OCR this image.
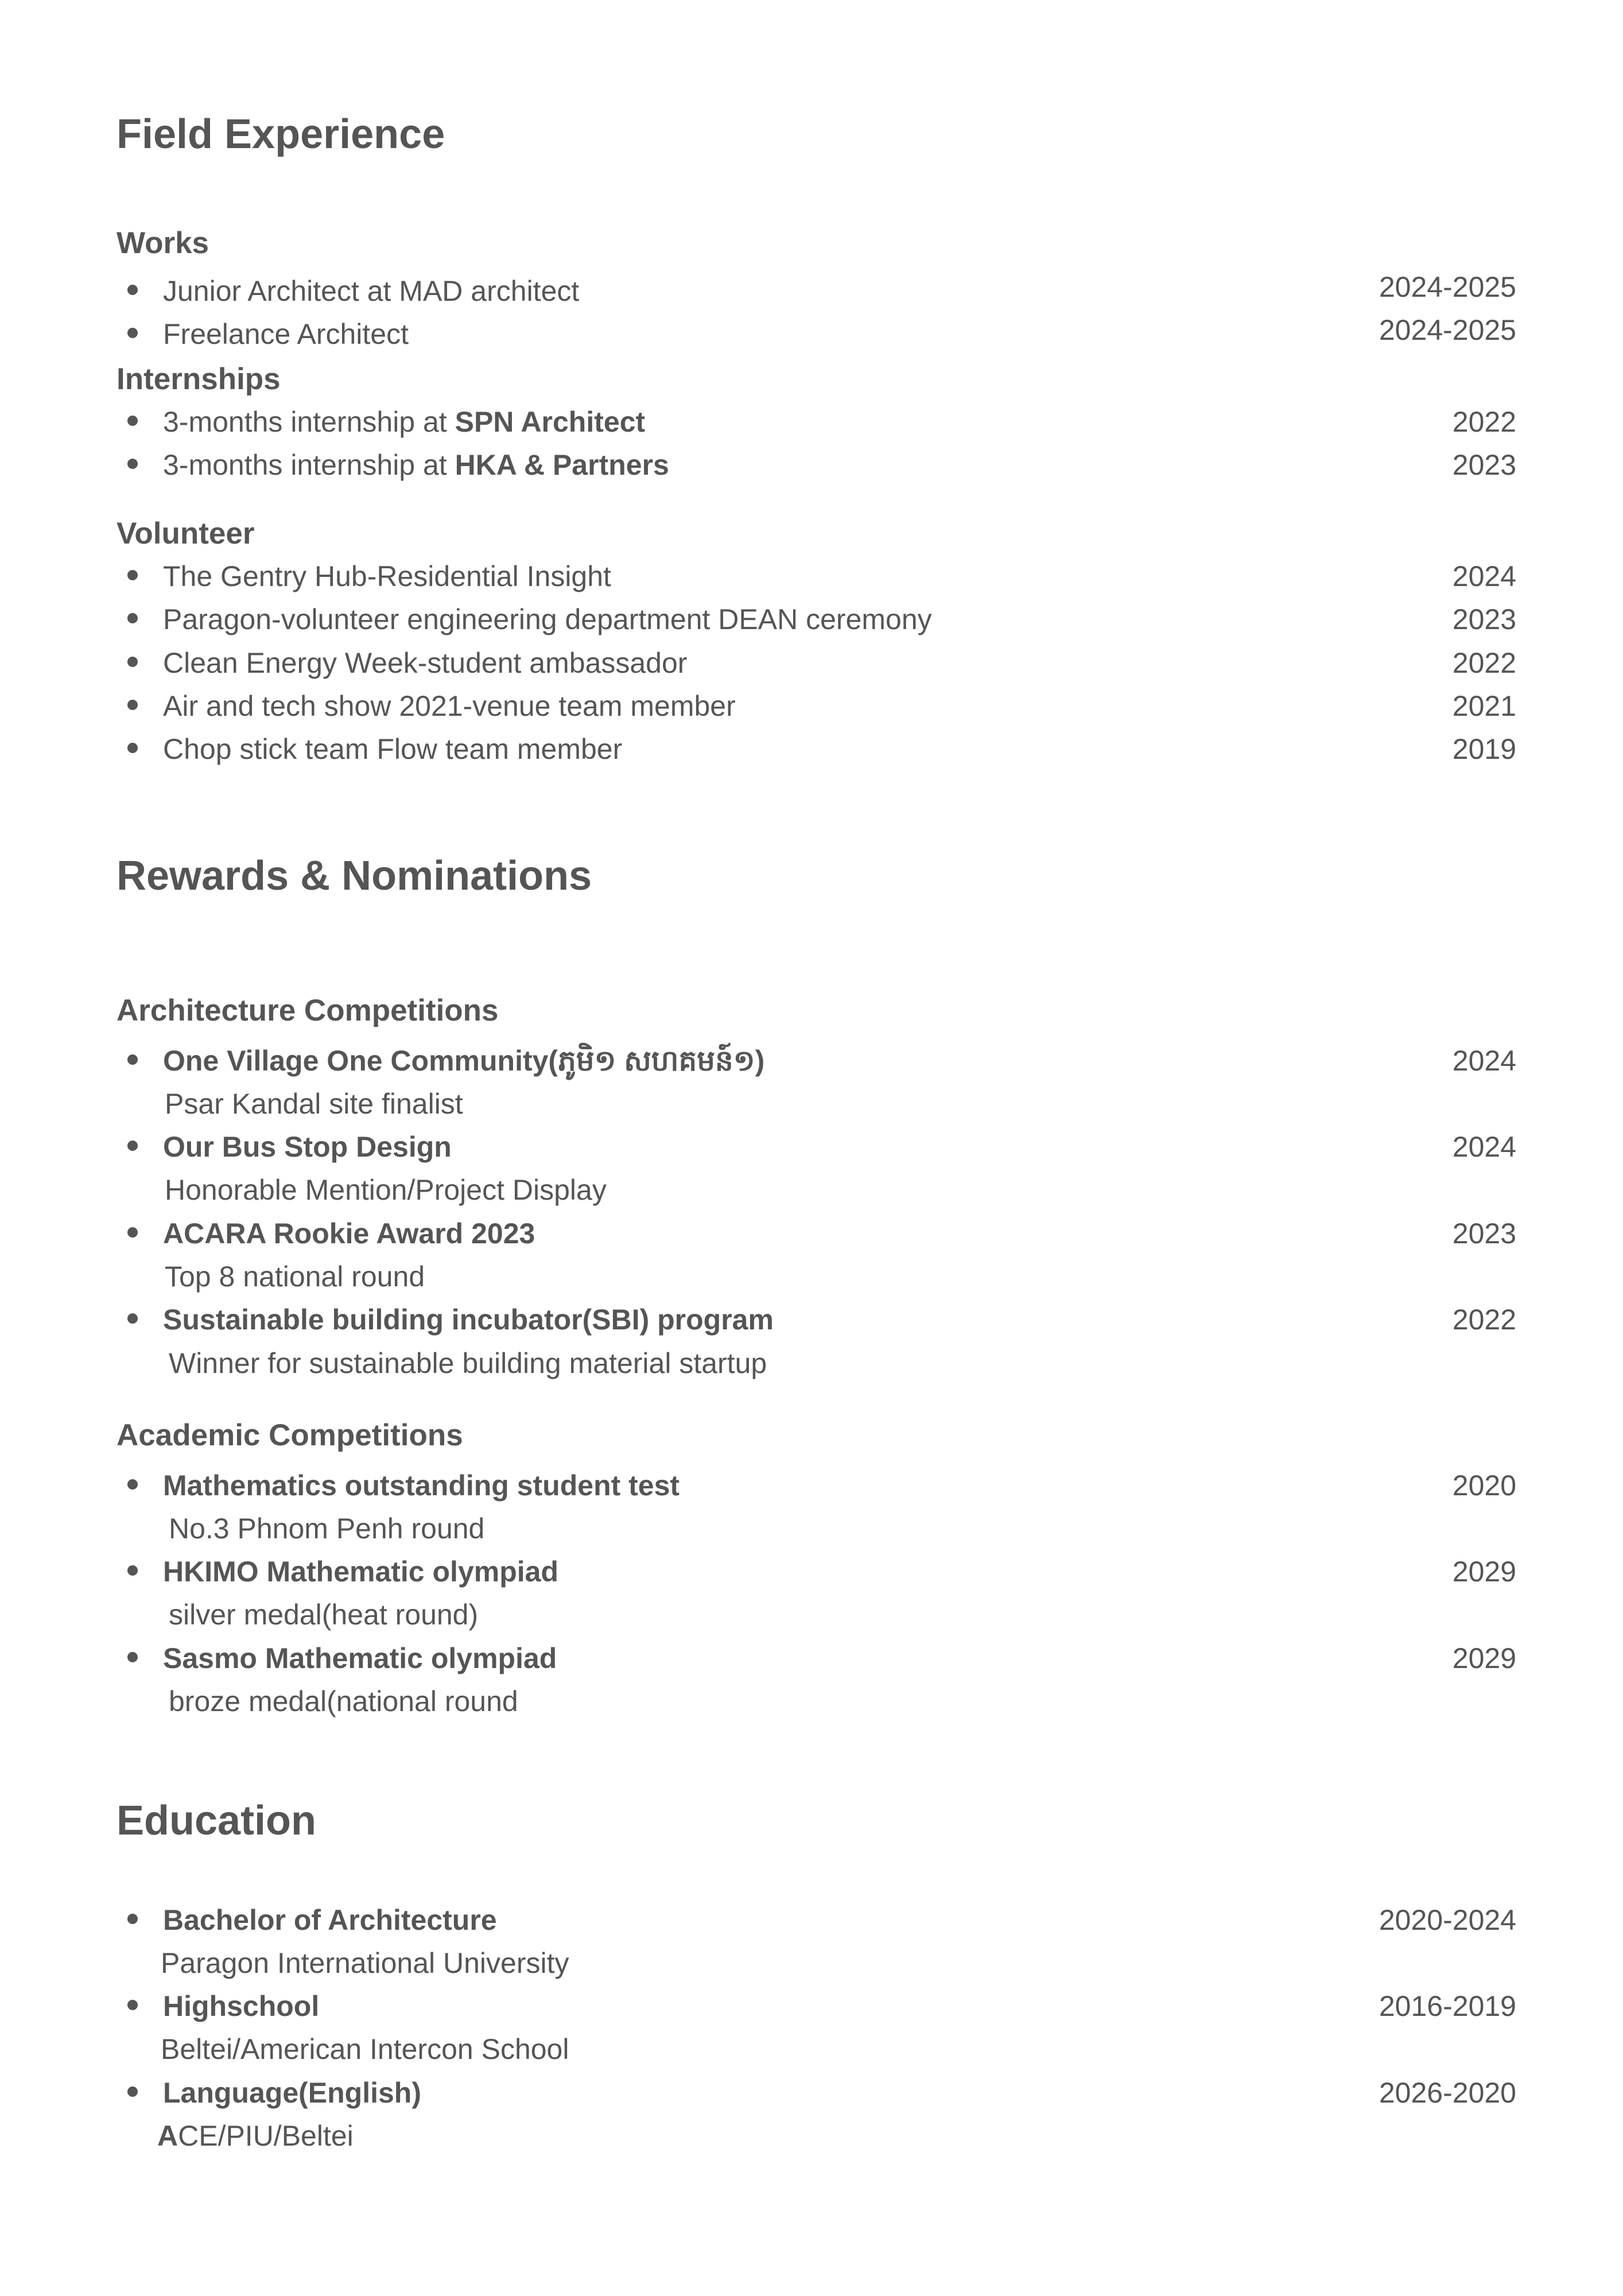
Field Experience
Works
Junior Architect at MAD architect	2024-2025
Freelance Architect	2024-2025
Internships
3-months internship at SPN Architect	2022
3-months internship at HKA & Partners	2023
Volunteer
The Gentry Hub-Residential Insight	2024
Paragon-volunteer engineering department DEAN ceremony	2023
Clean Energy Week-student ambassador	2022
Air and tech show 2021-venue team member	2021
Chop stick team Flow team member	2019
Rewards & Nominations
Architecture Competitions
One Village One Community(ភូមិ១ សហគមន៍១)	2024
Psar Kandal site finalist
Our Bus Stop Design	2024
Honorable Mention/Project Display
ACARA Rookie Award 2023	2023
Top 8 national round
Sustainable building incubator(SBI) program	2022
Winner for sustainable building material startup
Academic Competitions
Mathematics outstanding student test	2020
No.3 Phnom Penh round
HKIMO Mathematic olympiad	2029
silver medal(heat round)
Sasmo Mathematic olympiad	2029
broze medal(national round
Education
Bachelor of Architecture	2020-2024
Paragon International University
Highschool	2016-2019
Beltei/American Intercon School
Language(English)	2026-2020
ACE/PIU/Beltei
